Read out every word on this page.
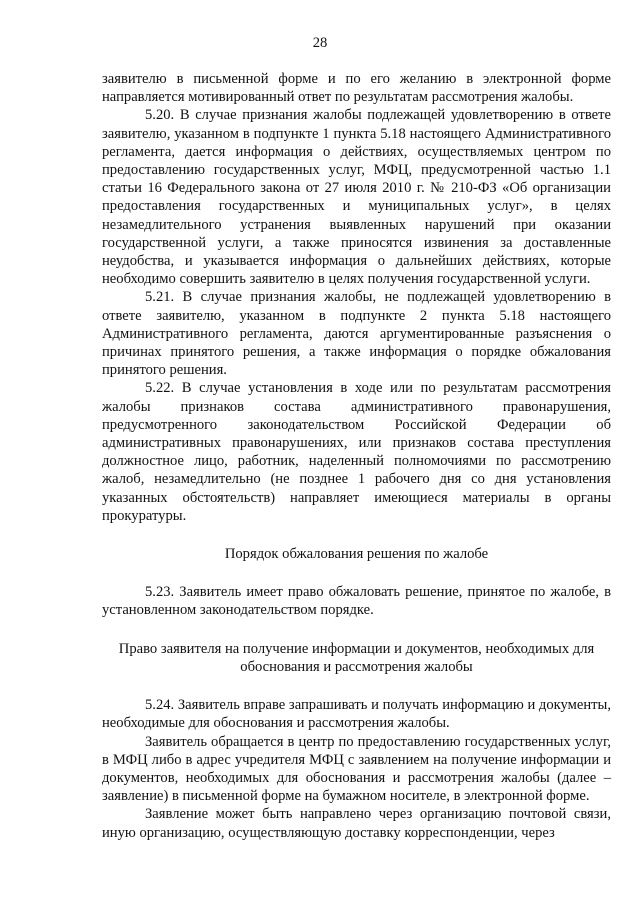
28

заявителю в письменной форме и по его желанию в электронной форме направляется мотивированный ответ по результатам рассмотрения жалобы.

5.20. В случае признания жалобы подлежащей удовлетворению в ответе заявителю, указанном в подпункте 1 пункта 5.18 настоящего Административного регламента, дается информация о действиях, осуществляемых центром по предоставлению государственных услуг, МФЦ, предусмотренной частью 1.1 статьи 16 Федерального закона от 27 июля 2010 г. № 210-ФЗ «Об организации предоставления государственных и муниципальных услуг», в целях незамедлительного устранения выявленных нарушений при оказании государственной услуги, а также приносятся извинения за доставленные неудобства, и указывается информация о дальнейших действиях, которые необходимо совершить заявителю в целях получения государственной услуги.

5.21. В случае признания жалобы, не подлежащей удовлетворению в ответе заявителю, указанном в подпункте 2 пункта 5.18 настоящего Административного регламента, даются аргументированные разъяснения о причинах принятого решения, а также информация о порядке обжалования принятого решения.

5.22. В случае установления в ходе или по результатам рассмотрения жалобы признаков состава административного правонарушения, предусмотренного законодательством Российской Федерации об административных правонарушениях, или признаков состава преступления должностное лицо, работник, наделенный полномочиями по рассмотрению жалоб, незамедлительно (не позднее 1 рабочего дня со дня установления указанных обстоятельств) направляет имеющиеся материалы в органы прокуратуры.

Порядок обжалования решения по жалобе

5.23. Заявитель имеет право обжаловать решение, принятое по жалобе, в установленном законодательством порядке.

Право заявителя на получение информации и документов, необходимых для обоснования и рассмотрения жалобы

5.24. Заявитель вправе запрашивать и получать информацию и документы, необходимые для обоснования и рассмотрения жалобы.

Заявитель обращается в центр по предоставлению государственных услуг, в МФЦ либо в адрес учредителя МФЦ с заявлением на получение информации и документов, необходимых для обоснования и рассмотрения жалобы (далее – заявление) в письменной форме на бумажном носителе, в электронной форме.

Заявление может быть направлено через организацию почтовой связи, иную организацию, осуществляющую доставку корреспонденции, через
